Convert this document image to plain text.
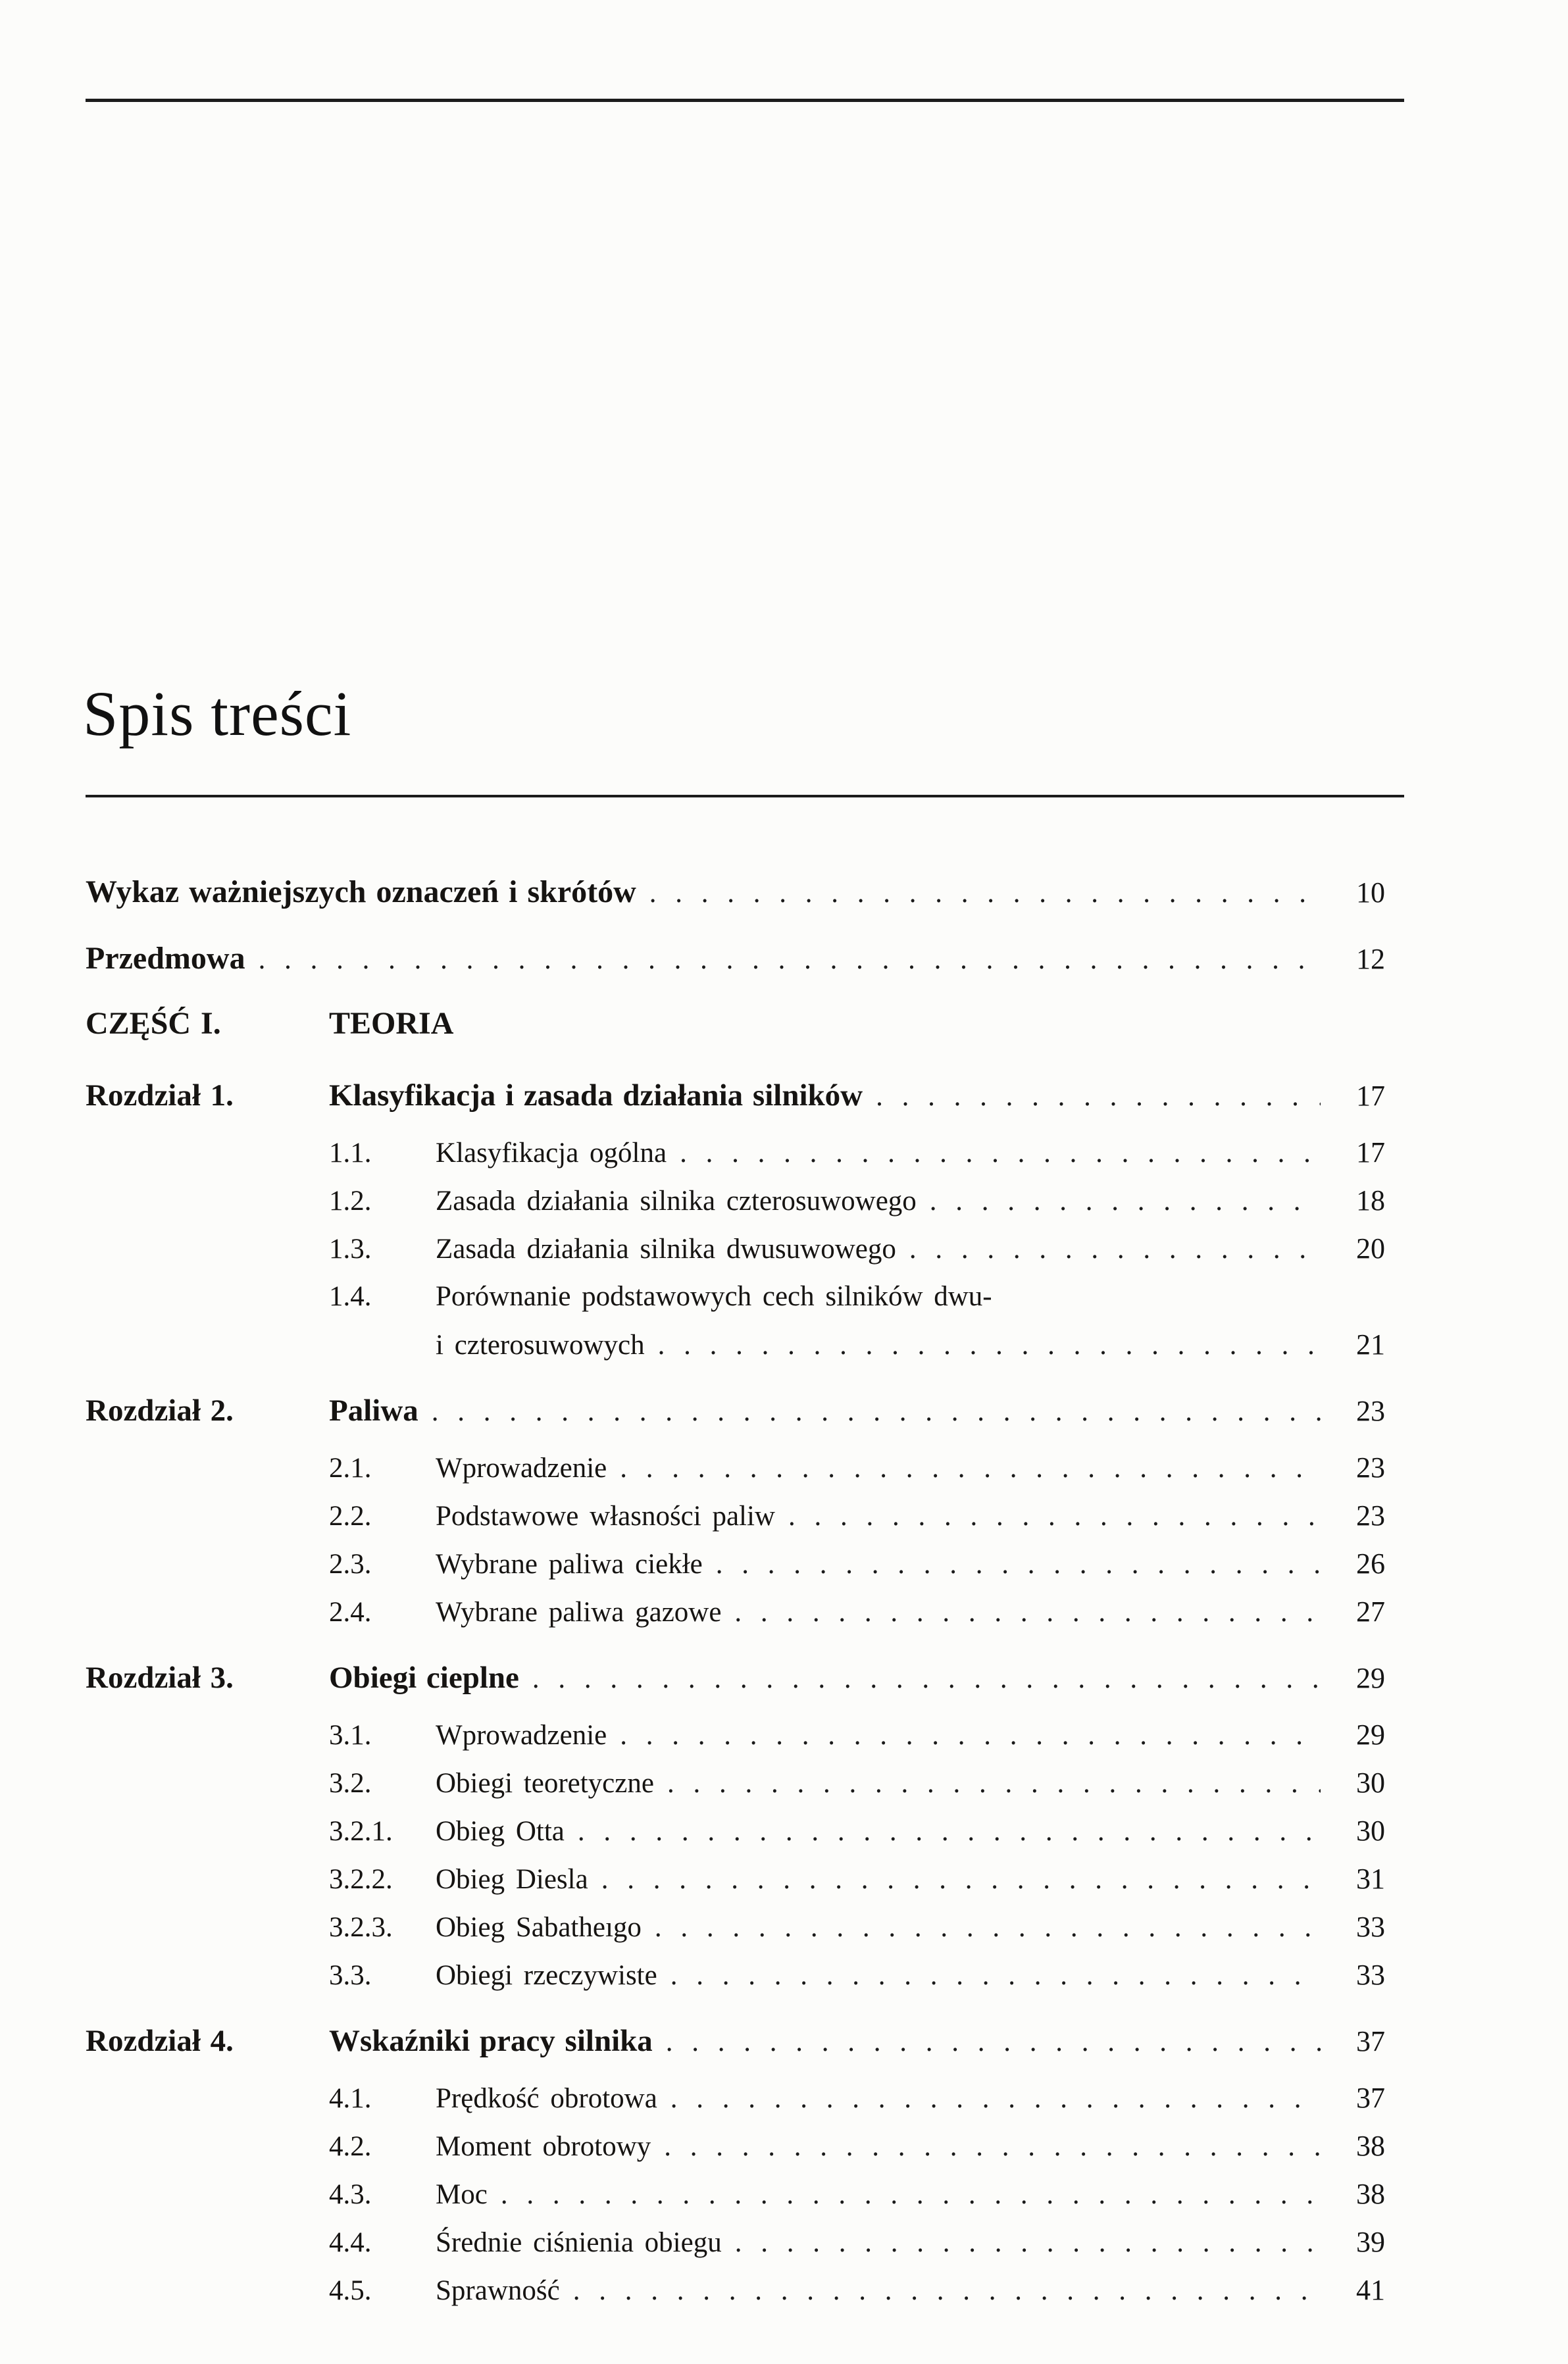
Spis treści
Wykaz ważniejszych oznaczeń i skrótów . . .	10
Przedmowa . . .	12
CZĘŚĆ I.	TEORIA
Rozdział 1.	Klasyfikacja i zasada działania silników . . .	17
1.1.	Klasyfikacja ogólna . . .	17
1.2.	Zasada działania silnika czterosuwowego . . .	18
1.3.	Zasada działania silnika dwusuwowego . . .	20
1.4.	Porównanie podstawowych cech silników dwu-
i czterosuwowych . . .	21
Rozdział 2.	Paliwa . . .	23
2.1.	Wprowadzenie . . .	23
2.2.	Podstawowe własności paliw . . .	23
2.3.	Wybrane paliwa ciekłe . . .	26
2.4.	Wybrane paliwa gazowe . . .	27
Rozdział 3.	Obiegi cieplne . . .	29
3.1.	Wprowadzenie . . .	29
3.2.	Obiegi teoretyczne . . .	30
3.2.1.	Obieg Otta . . .	30
3.2.2.	Obieg Diesla . . .	31
3.2.3.	Obieg Sabatheıgo . . .	33
3.3.	Obiegi rzeczywiste . . .	33
Rozdział 4.	Wskaźniki pracy silnika . . .	37
4.1.	Prędkość obrotowa . . .	37
4.2.	Moment obrotowy . . .	38
4.3.	Moc . . .	38
4.4.	Średnie ciśnienia obiegu . . .	39
4.5.	Sprawność . . .	41
